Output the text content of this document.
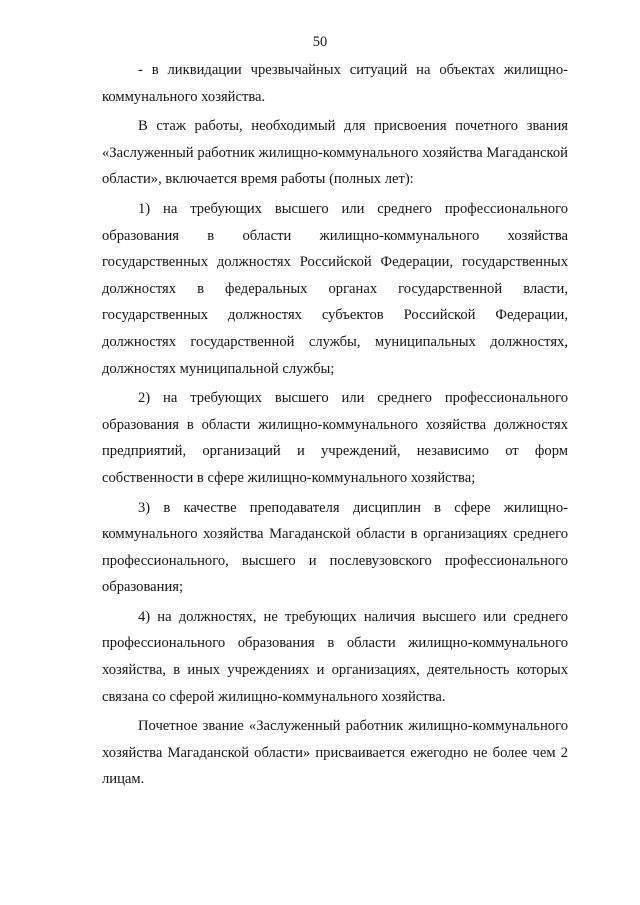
50

- в ликвидации чрезвычайных ситуаций на объектах жилищно-коммунального хозяйства.

В стаж работы, необходимый для присвоения почетного звания «Заслуженный работник жилищно-коммунального хозяйства Магаданской области», включается время работы (полных лет):

1) на требующих высшего или среднего профессионального образования в области жилищно-коммунального хозяйства государственных должностях Российской Федерации, государственных должностях в федеральных органах государственной власти, государственных должностях субъектов Российской Федерации, должностях государственной службы, муниципальных должностях, должностях муниципальной службы;

2) на требующих высшего или среднего профессионального образования в области жилищно-коммунального хозяйства должностях предприятий, организаций и учреждений, независимо от форм собственности в сфере жилищно-коммунального хозяйства;

3) в качестве преподавателя дисциплин в сфере жилищно-коммунального хозяйства Магаданской области в организациях среднего профессионального, высшего и послевузовского профессионального образования;

4) на должностях, не требующих наличия высшего или среднего профессионального образования в области жилищно-коммунального хозяйства, в иных учреждениях и организациях, деятельность которых связана со сферой жилищно-коммунального хозяйства.

Почетное звание «Заслуженный работник жилищно-коммунального хозяйства Магаданской области» присваивается ежегодно не более чем 2 лицам.
